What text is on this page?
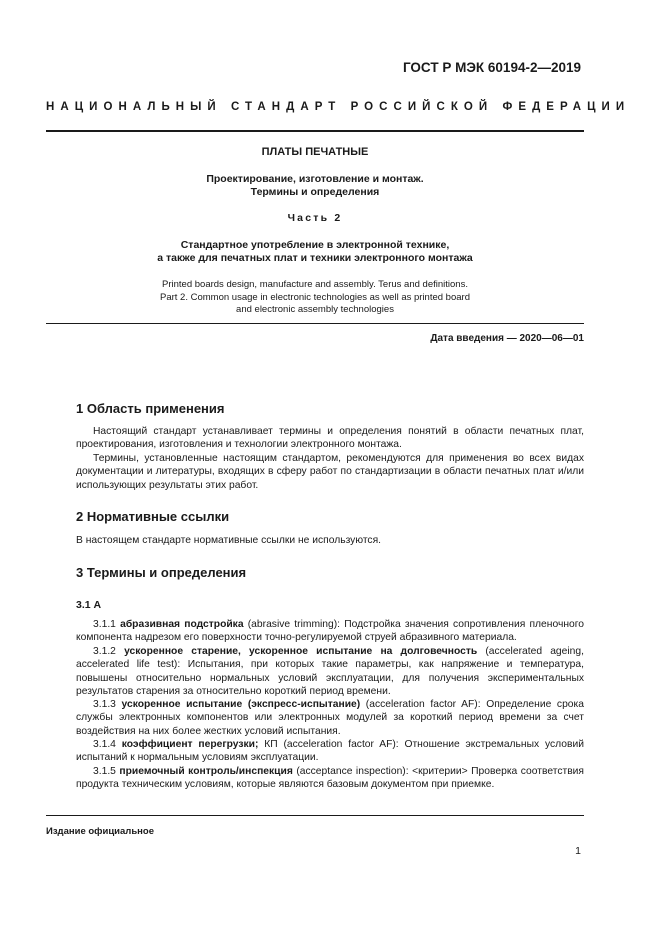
ГОСТ Р МЭК 60194-2—2019
НАЦИОНАЛЬНЫЙ СТАНДАРТ РОССИЙСКОЙ ФЕДЕРАЦИИ
ПЛАТЫ ПЕЧАТНЫЕ
Проектирование, изготовление и монтаж.
Термины и определения
Часть 2
Стандартное употребление в электронной технике,
а также для печатных плат и техники электронного монтажа
Printed boards design, manufacture and assembly. Terus and definitions.
Part 2. Common usage in electronic technologies as well as printed board
and electronic assembly technologies
Дата введения — 2020—06—01
1 Область применения
Настоящий стандарт устанавливает термины и определения понятий в области печатных плат, проектирования, изготовления и технологии электронного монтажа.
Термины, установленные настоящим стандартом, рекомендуются для применения во всех видах документации и литературы, входящих в сферу работ по стандартизации в области печатных плат и/или использующих результаты этих работ.
2 Нормативные ссылки
В настоящем стандарте нормативные ссылки не используются.
3 Термины и определения
3.1 А
3.1.1 абразивная подстройка (abrasive trimming): Подстройка значения сопротивления пленочного компонента надрезом его поверхности точно-регулируемой струей абразивного материала.
3.1.2 ускоренное старение, ускоренное испытание на долговечность (accelerated ageing, accelerated life test): Испытания, при которых такие параметры, как напряжение и температура, повышены относительно нормальных условий эксплуатации, для получения экспериментальных результатов старения за относительно короткий период времени.
3.1.3 ускоренное испытание (экспресс-испытание) (acceleration factor AF): Определение срока службы электронных компонентов или электронных модулей за короткий период времени за счет воздействия на них более жестких условий испытания.
3.1.4 коэффициент перегрузки; КП (acceleration factor AF): Отношение экстремальных условий испытаний к нормальным условиям эксплуатации.
3.1.5 приемочный контроль/инспекция (acceptance inspection): <критерии> Проверка соответствия продукта техническим условиям, которые являются базовым документом при приемке.
Издание официальное
1
